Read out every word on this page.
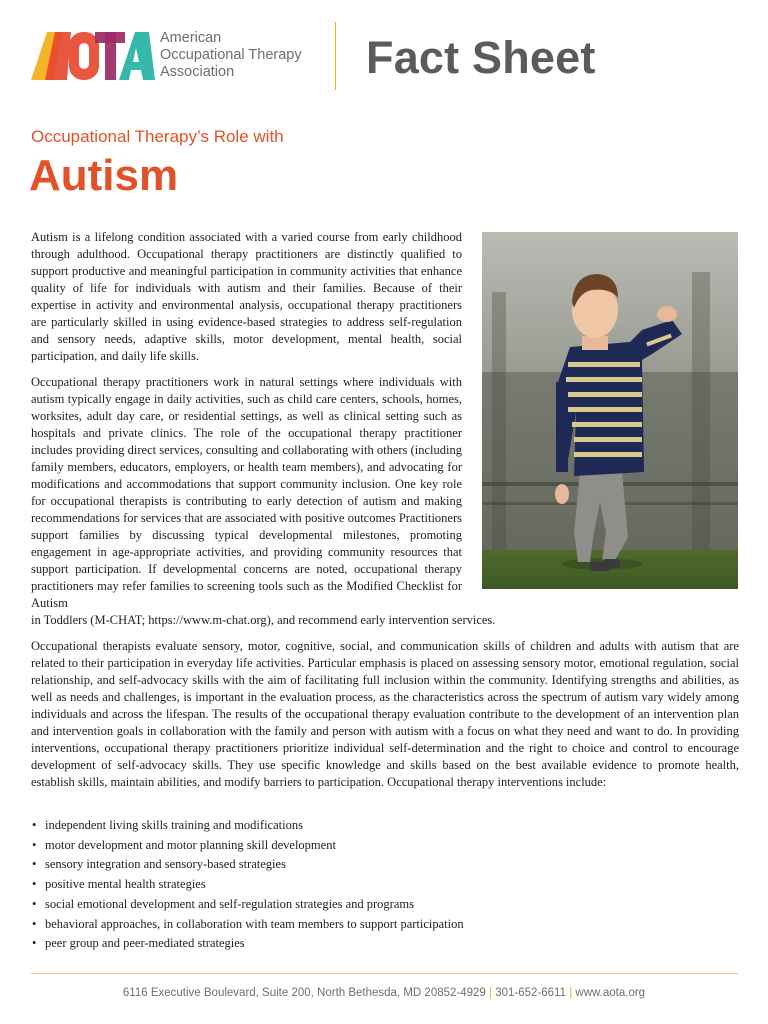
American
Occupational Therapy
Association	Fact Sheet
Occupational Therapy’s Role with
Autism
Autism is a lifelong condition associated with a varied course from early childhood through adulthood. Occupational therapy practitioners are distinctly qualified to support productive and meaningful participation in community activities that enhance quality of life for individuals with autism and their families. Because of their expertise in activity and environmental analysis, occupational therapy practitioners are particularly skilled in using evidence-based strategies to address self-regulation and sensory needs, adaptive skills, motor development, mental health, social participation, and daily life skills.
Occupational therapy practitioners work in natural settings where individuals with autism typically engage in daily activities, such as child care centers, schools, homes, worksites, adult day care, or residential settings, as well as clinical setting such as hospitals and private clinics. The role of the occupational therapy practitioner includes providing direct services, consulting and collaborating with others (including family members, educators, employers, or health team members), and advocating for modifications and accommodations that support community inclusion. One key role for occupational therapists is contributing to early detection of autism and making recommendations for services that are associated with positive outcomes Practitioners support families by discussing typical developmental milestones, promoting engagement in age-appropriate activities, and providing community resources that support participation. If developmental concerns are noted, occupational therapy practitioners may refer families to screening tools such as the Modified Checklist for Autism
in Toddlers (M-CHAT; https://www.m-chat.org), and recommend early intervention services.
Occupational therapists evaluate sensory, motor, cognitive, social, and communication skills of children and adults with autism that are related to their participation in everyday life activities. Particular emphasis is placed on assessing sensory motor, emotional regulation, social relationship, and self-advocacy skills with the aim of facilitating full inclusion within the community. Identifying strengths and abilities, as well as needs and challenges, is important in the evaluation process, as the characteristics across the spectrum of autism vary widely among individuals and across the lifespan. The results of the occupational therapy evaluation contribute to the development of an intervention plan and intervention goals in collaboration with the family and person with autism with a focus on what they need and want to do. In providing interventions, occupational therapy practitioners prioritize individual self-determination and the right to choice and control to encourage development of self-advocacy skills. They use specific knowledge and skills based on the best available evidence to promote health, establish skills, maintain abilities, and modify barriers to participation. Occupational therapy interventions include:
• independent living skills training and modifications
• motor development and motor planning skill development
• sensory integration and sensory-based strategies
• positive mental health strategies
• social emotional development and self-regulation strategies and programs
• behavioral approaches, in collaboration with team members to support participation
• peer group and peer-mediated strategies
6116 Executive Boulevard, Suite 200, North Bethesda, MD 20852-4929 | 301-652-6611 | www.aota.org
